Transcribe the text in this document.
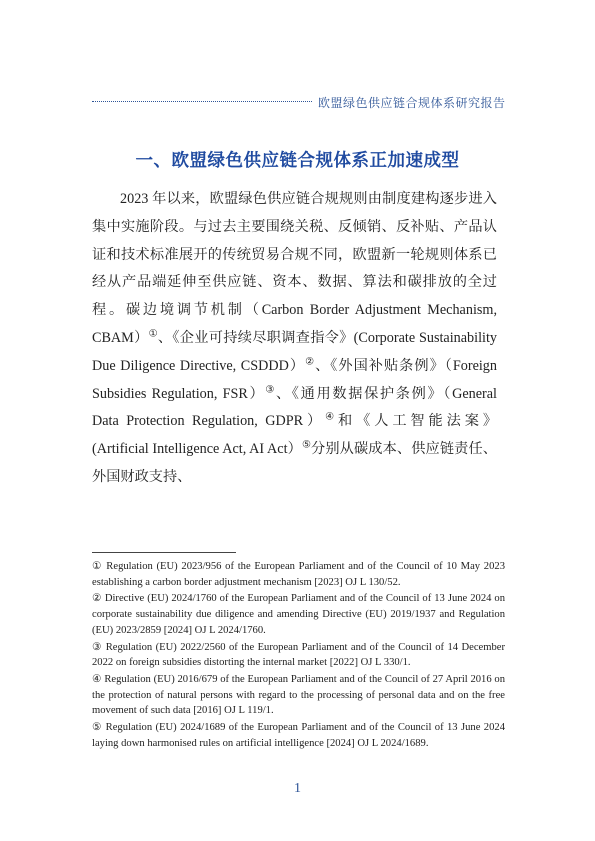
欧盟绿色供应链合规体系研究报告
一、欧盟绿色供应链合规体系正加速成型

2023 年以来，欧盟绿色供应链合规规则由制度建构逐步进入集中实施阶段。与过去主要围绕关税、反倾销、反补贴、产品认证和技术标准展开的传统贸易合规不同，欧盟新一轮规则体系已经从产品端延伸至供应链、资本、数据、算法和碳排放的全过程。碳边境调节机制（Carbon Border Adjustment Mechanism, CBAM）①、《企业可持续尽职调查指令》(Corporate Sustainability Due Diligence Directive, CSDDD）②、《外国补贴条例》（Foreign Subsidies Regulation, FSR）③、《通用数据保护条例》（General Data Protection Regulation, GDPR）④和《人工智能法案》(Artificial Intelligence Act, AI Act）⑤分别从碳成本、供应链责任、外国财政支持、

① Regulation (EU) 2023/956 of the European Parliament and of the Council of 10 May 2023 establishing a carbon border adjustment mechanism [2023] OJ L 130/52.
② Directive (EU) 2024/1760 of the European Parliament and of the Council of 13 June 2024 on corporate sustainability due diligence and amending Directive (EU) 2019/1937 and Regulation (EU) 2023/2859 [2024] OJ L 2024/1760.
③ Regulation (EU) 2022/2560 of the European Parliament and of the Council of 14 December 2022 on foreign subsidies distorting the internal market [2022] OJ L 330/1.
④ Regulation (EU) 2016/679 of the European Parliament and of the Council of 27 April 2016 on the protection of natural persons with regard to the processing of personal data and on the free movement of such data [2016] OJ L 119/1.
⑤ Regulation (EU) 2024/1689 of the European Parliament and of the Council of 13 June 2024 laying down harmonised rules on artificial intelligence [2024] OJ L 2024/1689.
1
